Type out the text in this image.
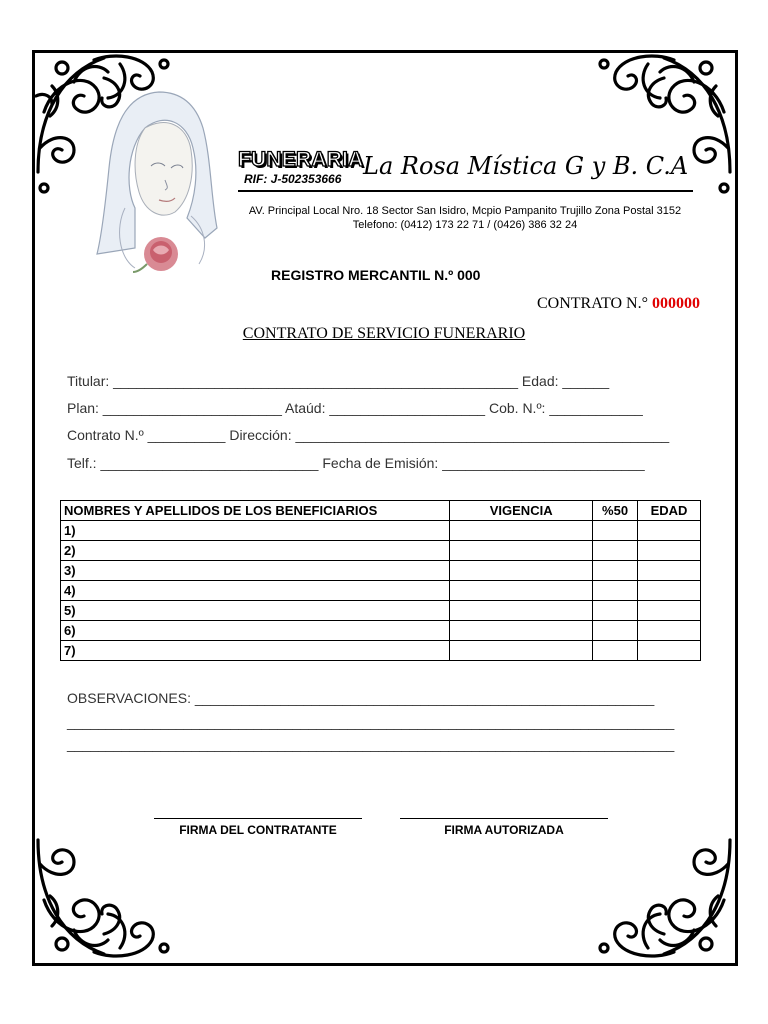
FUNERARIA
RIF: J-502353666 La Rosa Mística G y B. C.A
AV. Principal Local Nro. 18 Sector San Isidro, Mcpio Pampanito Trujillo Zona Postal 3152
Telefono: (0412) 173 22 71 / (0426) 386 32 24
REGISTRO MERCANTIL N.º 000
CONTRATO N.° 000000
CONTRATO DE SERVICIO FUNERARIO
Titular: ____________________________________________________ Edad: ______
Plan: _______________________ Ataúd: ____________________ Cob. N.º: ____________
Contrato N.º __________ Dirección: ________________________________________________
Telf.: ____________________________ Fecha de Emisión: __________________________
NOMBRES Y APELLIDOS DE LOS BENEFICIARIOS	VIGENCIA	%50	EDAD
1)			
2)			
3)			
4)			
5)			
6)			
7)			
OBSERVACIONES: ___________________________________________________________
______________________________________________________________________________
______________________________________________________________________________
FIRMA DEL CONTRATANTE	FIRMA AUTORIZADA
